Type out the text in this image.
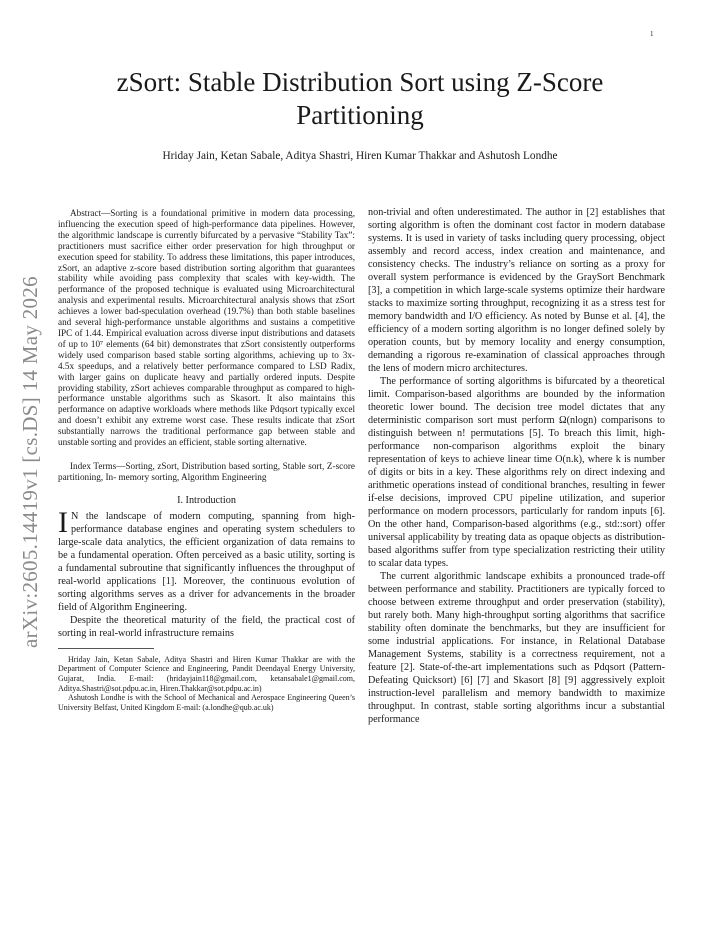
1
arXiv:2605.14419v1 [cs.DS] 14 May 2026
zSort: Stable Distribution Sort using Z-Score Partitioning
Hriday Jain, Ketan Sabale, Aditya Shastri, Hiren Kumar Thakkar and Ashutosh Londhe

Abstract—Sorting is a foundational primitive in modern data processing, influencing the execution speed of high-performance data pipelines. However, the algorithmic landscape is currently bifurcated by a pervasive “Stability Tax”: practitioners must sacrifice either order preservation for high throughput or execution speed for stability. To address these limitations, this paper introduces, zSort, an adaptive z-score based distribution sorting algorithm that guarantees stability while avoiding pass complexity that scales with key-width. The performance of the proposed technique is evaluated using Microarchitectural analysis and experimental results. Microarchitectural analysis shows that zSort achieves a lower bad-speculation overhead (19.7%) than both stable baselines and several high-performance unstable algorithms and sustains a competitive IPC of 1.44. Empirical evaluation across diverse input distributions and datasets of up to 10⁷ elements (64 bit) demonstrates that zSort consistently outperforms widely used comparison based stable sorting algorithms, achieving up to 3x-4.5x speedups, and a relatively better performance compared to LSD Radix, with larger gains on duplicate heavy and partially ordered inputs. Despite providing stability, zSort achieves comparable throughput as compared to high-performance unstable algorithms such as Skasort. It also maintains this performance on adaptive workloads where methods like Pdqsort typically excel and doesn’t exhibit any extreme worst case. These results indicate that zSort substantially narrows the traditional performance gap between stable and unstable sorting and provides an efficient, stable sorting alternative.

Index Terms—Sorting, zSort, Distribution based sorting, Stable sort, Z-score partitioning, In- memory sorting, Algorithm Engineering

I. Introduction

I N the landscape of modern computing, spanning from high-performance database engines and operating system schedulers to large-scale data analytics, the efficient organization of data remains to be a fundamental operation. Often perceived as a basic utility, sorting is a fundamental subroutine that significantly influences the throughput of real-world applications [1]. Moreover, the continuous evolution of sorting algorithms serves as a driver for advancements in the broader field of Algorithm Engineering.

Despite the theoretical maturity of the field, the practical cost of sorting in real-world infrastructure remains

Hriday Jain, Ketan Sabale, Aditya Shastri and Hiren Kumar Thakkar are with the Department of Computer Science and Engineering, Pandit Deendayal Energy University, Gujarat, India. E-mail: (hridayjain118@gmail.com, ketansabale1@gmail.com, Aditya.Shastri@sot.pdpu.ac.in, Hiren.Thakkar@sot.pdpu.ac.in)

Ashutosh Londhe is with the School of Mechanical and Aerospace Engineering Queen’s University Belfast, United Kingdom E-mail: (a.londhe@qub.ac.uk)

non-trivial and often underestimated. The author in [2] establishes that sorting algorithm is often the dominant cost factor in modern database systems. It is used in variety of tasks including query processing, object assembly and record access, index creation and maintenance, and consistency checks. The industry’s reliance on sorting as a proxy for overall system performance is evidenced by the GraySort Benchmark [3], a competition in which large-scale systems optimize their hardware stacks to maximize sorting throughput, recognizing it as a stress test for memory bandwidth and I/O efficiency. As noted by Bunse et al. [4], the efficiency of a modern sorting algorithm is no longer defined solely by operation counts, but by memory locality and energy consumption, demanding a rigorous re-examination of classical approaches through the lens of modern micro architectures.

The performance of sorting algorithms is bifurcated by a theoretical limit. Comparison-based algorithms are bounded by the information theoretic lower bound. The decision tree model dictates that any deterministic comparison sort must perform Ω(nlogn) comparisons to distinguish between n! permutations [5]. To breach this limit, high-performance non-comparison algorithms exploit the binary representation of keys to achieve linear time O(n.k), where k is number of digits or bits in a key. These algorithms rely on direct indexing and arithmetic operations instead of conditional branches, resulting in fewer if-else decisions, improved CPU pipeline utilization, and superior performance on modern processors, particularly for random inputs [6]. On the other hand, Comparison-based algorithms (e.g., std::sort) offer universal applicability by treating data as opaque objects as distribution-based algorithms suffer from type specialization restricting their utility to scalar data types.

The current algorithmic landscape exhibits a pronounced trade-off between performance and stability. Practitioners are typically forced to choose between extreme throughput and order preservation (stability), but rarely both. Many high-throughput sorting algorithms that sacrifice stability often dominate the benchmarks, but they are insufficient for some industrial applications. For instance, in Relational Database Management Systems, stability is a correctness requirement, not a feature [2]. State-of-the-art implementations such as Pdqsort (Pattern-Defeating Quicksort) [6] [7] and Skasort [8] [9] aggressively exploit instruction-level parallelism and memory bandwidth to maximize throughput. In contrast, stable sorting algorithms incur a substantial performance
